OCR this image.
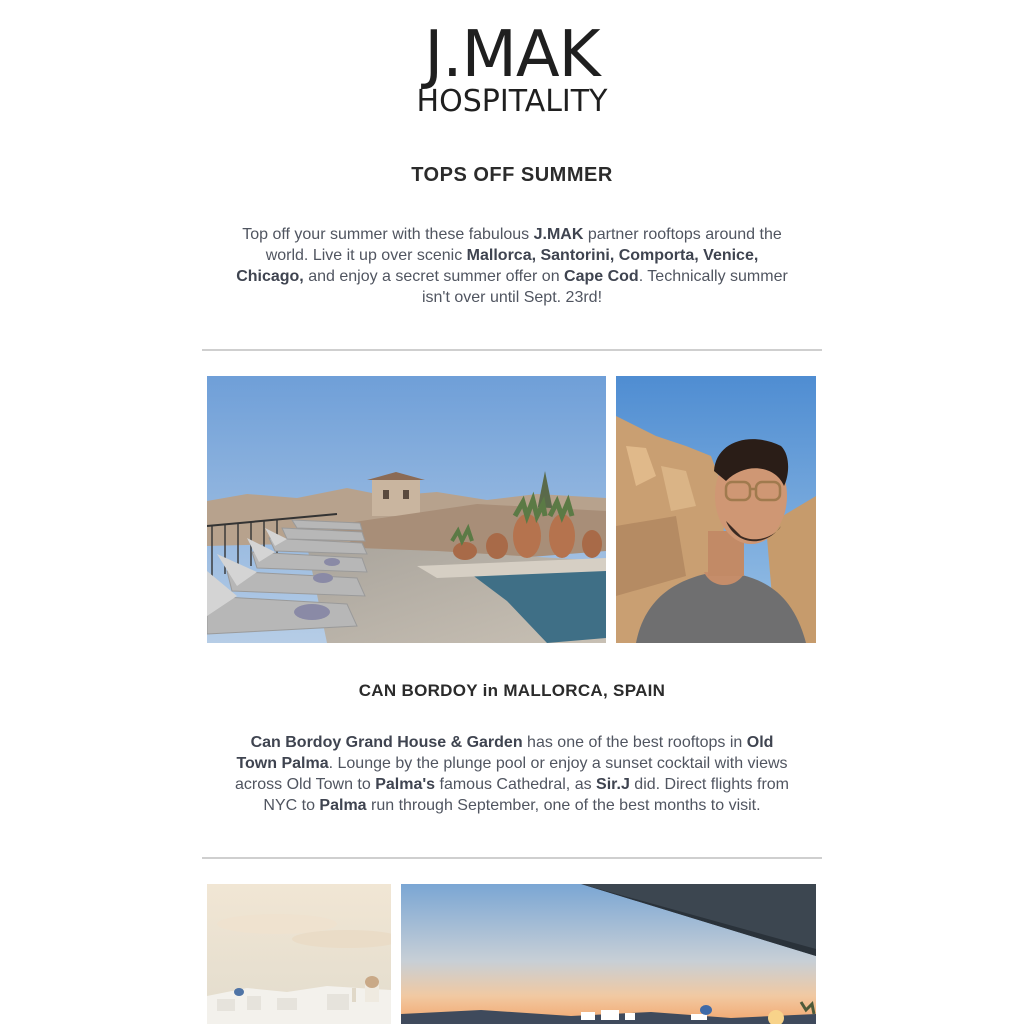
J.MAK
HOSPITALITY
TOPS OFF SUMMER

Top off your summer with these fabulous J.MAK partner rooftops around the world. Live it up over scenic Mallorca, Santorini, Comporta, Venice, Chicago, and enjoy a secret summer offer on Cape Cod. Technically summer isn't over until Sept. 23rd!

CAN BORDOY in MALLORCA, SPAIN

Can Bordoy Grand House & Garden has one of the best rooftops in Old Town Palma. Lounge by the plunge pool or enjoy a sunset cocktail with views across Old Town to Palma's famous Cathedral, as Sir.J did. Direct flights from NYC to Palma run through September, one of the best months to visit.
